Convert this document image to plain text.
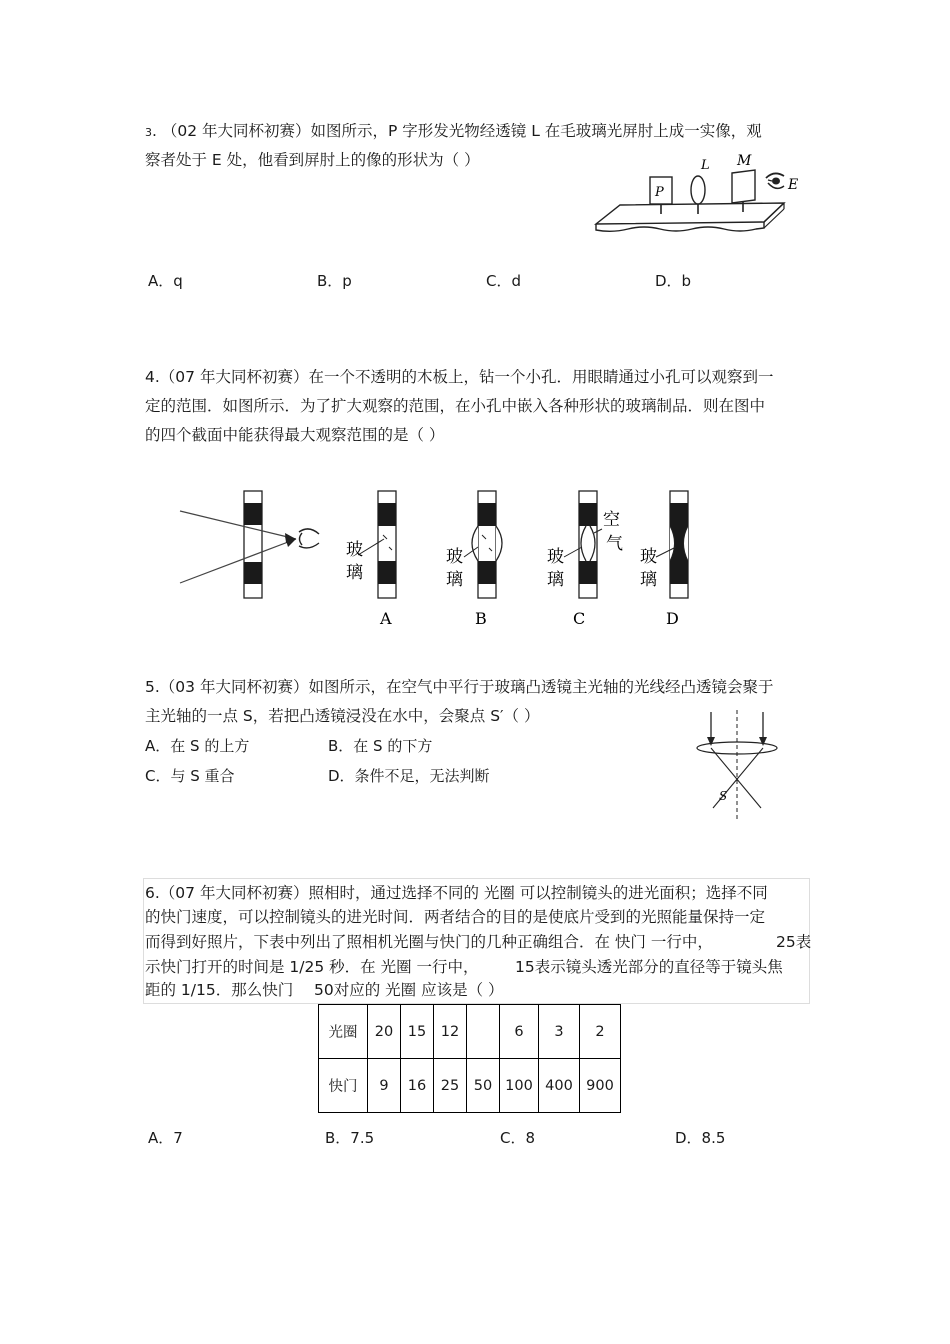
3. （02 年大同杯初赛）如图所示，P 字形发光物经透镜 L 在毛玻璃光屏肘上成一实像，观
察者处于 E 处，他看到屏肘上的像的形状为（ ）
P
L M
E
A．q	B．p	C．d	D．b
4.（07 年大同杯初赛）在一个不透明的木板上，钻一个小孔．用眼睛通过小孔可以观察到一
定的范围．如图所示．为了扩大观察的范围，在小孔中嵌入各种形状的玻璃制品．则在图中
的四个截面中能获得最大观察范围的是（ ）
玻
璃
A
玻
璃
B
空
气
玻
璃
C
玻
璃
D
5.（03 年大同杯初赛）如图所示，在空气中平行于玻璃凸透镜主光轴的光线经凸透镜会聚于
主光轴的一点 S，若把凸透镜浸没在水中，会聚点 S′（ ）
A．在 S 的上方	B．在 S 的下方
C．与 S 重合	D．条件不足，无法判断
S
6.（07 年大同杯初赛）照相时，通过选择不同的 光圈 可以控制镜头的进光面积；选择不同
的快门速度，可以控制镜头的进光时间．两者结合的目的是使底片受到的光照能量保持一定
而得到好照片，下表中列出了照相机光圈与快门的几种正确组合．在 快门 一行中，	25表
示快门打开的时间是 1/25 秒．在 光圈 一行中， 15表示镜头透光部分的直径等于镜头焦
距的 1/15．那么快门 50对应的 光圈 应该是（ ）
光圈	20	15	12		6	3	2
快门	9	16	25	50	100	400	900
A．7	B．7.5	C．8	D．8.5
